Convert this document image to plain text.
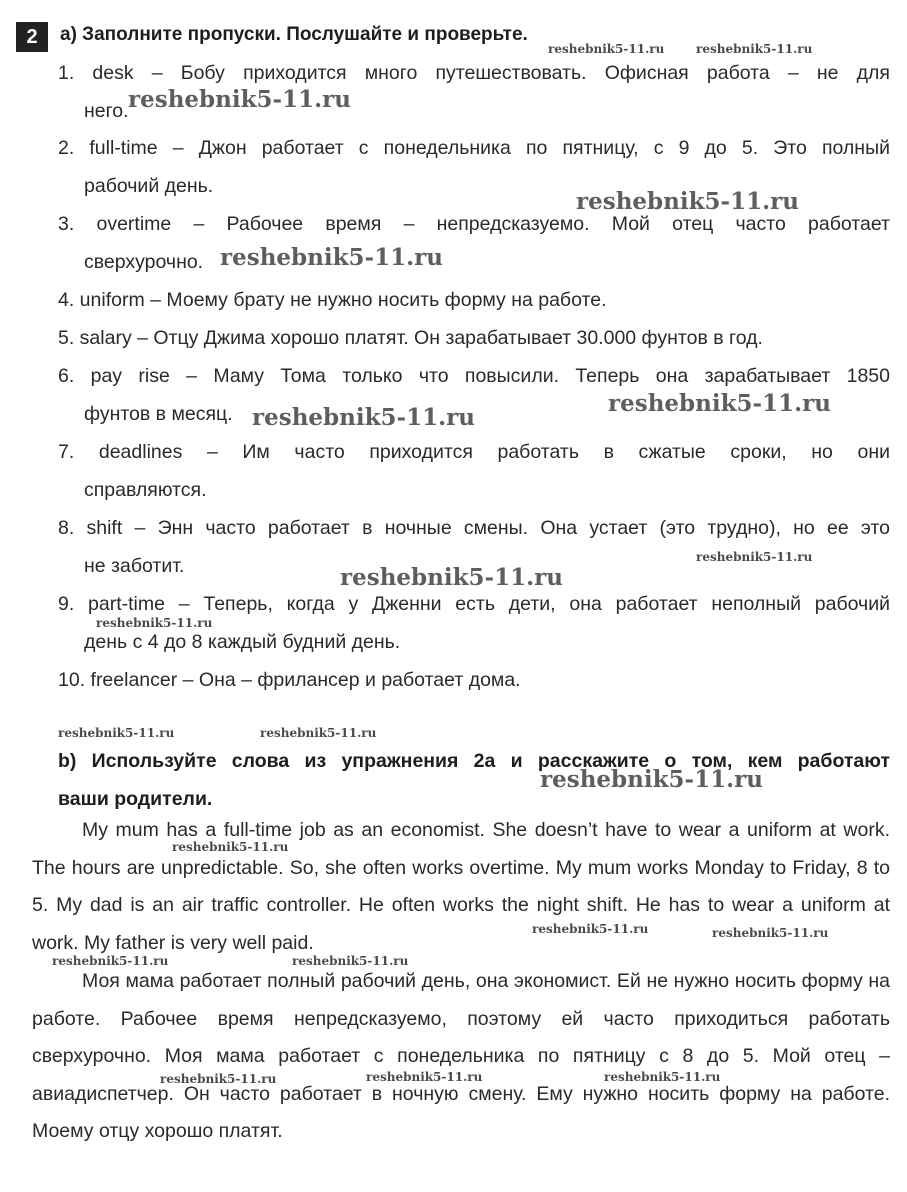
2	a) Заполните пропуски. Послушайте и проверьте.
1. desk – Бобу приходится много путешествовать. Офисная работа – не для
него.
2. full-time – Джон работает с понедельника по пятницу, с 9 до 5. Это полный
рабочий день.
3. overtime – Рабочее время – непредсказуемо. Мой отец часто работает
сверхурочно.
4. uniform – Моему брату не нужно носить форму на работе.
5. salary – Отцу Джима хорошо платят. Он зарабатывает 30.000 фунтов в год.
6. pay rise – Маму Тома только что повысили. Теперь она зарабатывает 1850
фунтов в месяц.
7. deadlines – Им часто приходится работать в сжатые сроки, но они
справляются.
8. shift – Энн часто работает в ночные смены. Она устает (это трудно), но ее это
не заботит.
9. part-time – Теперь, когда у Дженни есть дети, она работает неполный рабочий
день с 4 до 8 каждый будний день.
10. freelancer – Она – фрилансер и работает дома.
b) Используйте слова из упражнения 2a и расскажите о том, кем работают
ваши родители.
My mum has a full-time job as an economist. She doesn’t have to wear a uniform at work. The hours are unpredictable. So, she often works overtime. My mum works Monday to Friday, 8 to 5. My dad is an air traffic controller. He often works the night shift. He has to wear a uniform at work. My father is very well paid.
Моя мама работает полный рабочий день, она экономист. Ей не нужно носить форму на работе. Рабочее время непредсказуемо, поэтому ей часто приходиться работать сверхурочно. Моя мама работает с понедельника по пятницу с 8 до 5. Мой отец – авиадиспетчер. Он часто работает в ночную смену. Ему нужно носить форму на работе. Моему отцу хорошо платят.
reshebnik5-11.ru	reshebnik5-11.ru
reshebnik5-11.ru
reshebnik5-11.ru
reshebnik5-11.ru
reshebnik5-11.ru
reshebnik5-11.ru
reshebnik5-11.ru
reshebnik5-11.ru
reshebnik5-11.ru
reshebnik5-11.ru	reshebnik5-11.ru
reshebnik5-11.ru
reshebnik5-11.ru
reshebnik5-11.ru	reshebnik5-11.ru
reshebnik5-11.ru	reshebnik5-11.ru
reshebnik5-11.ru	reshebnik5-11.ru	reshebnik5-11.ru
